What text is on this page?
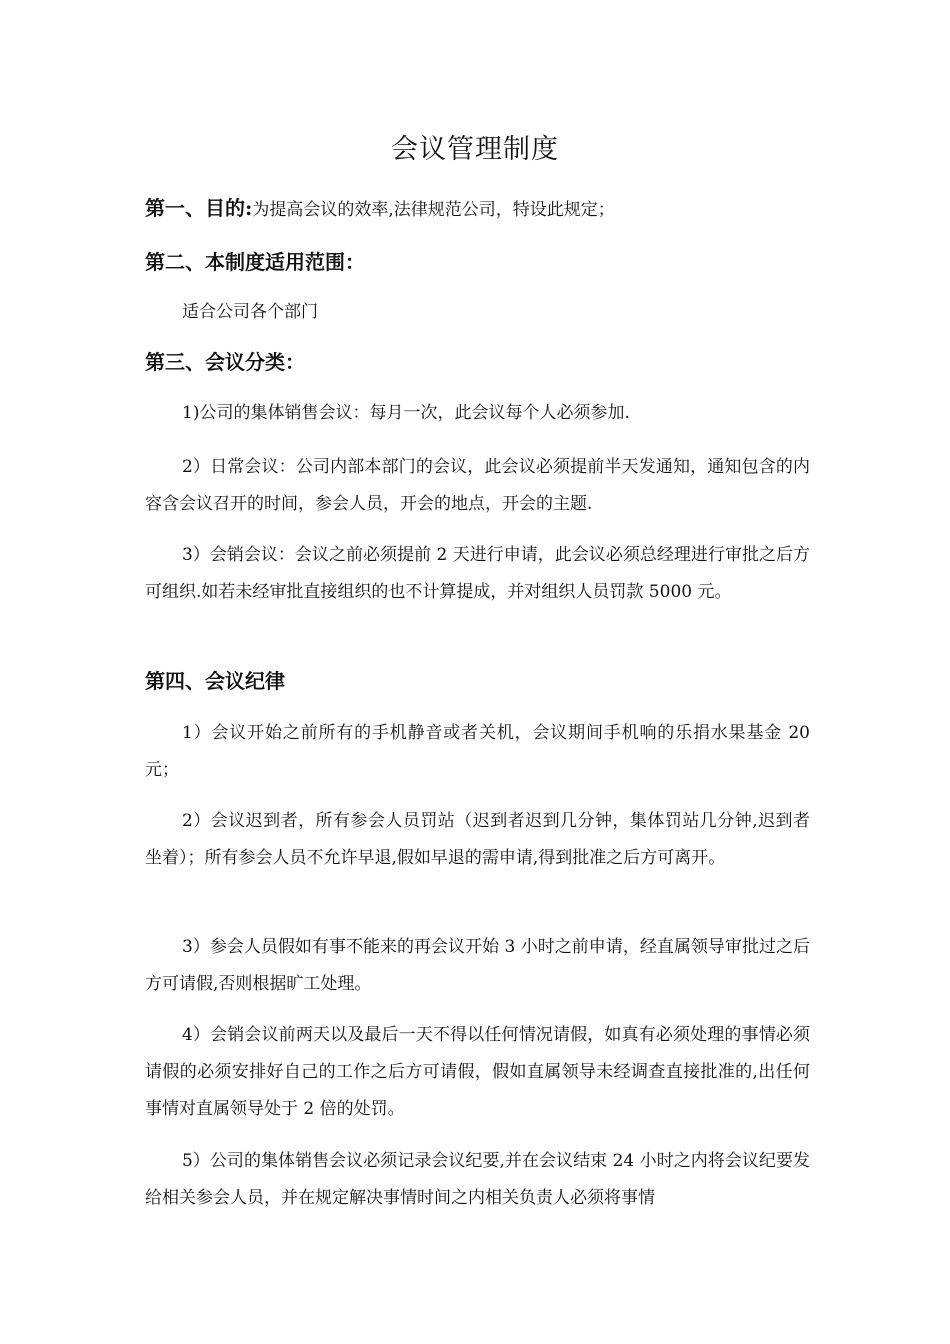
会议管理制度
第一、目的:为提高会议的效率,法律规范公司，特设此规定；
第二、本制度适用范围：
适合公司各个部门
第三、会议分类：
1)公司的集体销售会议：每月一次，此会议每个人必须参加.
2）日常会议：公司内部本部门的会议，此会议必须提前半天发通知，通知包含的内容含会议召开的时间，参会人员，开会的地点，开会的主题.
3）会销会议：会议之前必须提前 2 天进行申请，此会议必须总经理进行审批之后方可组织.如若未经审批直接组织的也不计算提成，并对组织人员罚款 5000 元。
第四、会议纪律
1）会议开始之前所有的手机静音或者关机，会议期间手机响的乐捐水果基金 20 元；
2）会议迟到者，所有参会人员罚站（迟到者迟到几分钟，集体罚站几分钟,迟到者坐着）；所有参会人员不允许早退,假如早退的需申请,得到批准之后方可离开。
3）参会人员假如有事不能来的再会议开始 3 小时之前申请，经直属领导审批过之后方可请假,否则根据旷工处理。
4）会销会议前两天以及最后一天不得以任何情况请假，如真有必须处理的事情必须请假的必须安排好自己的工作之后方可请假，假如直属领导未经调查直接批准的,出任何事情对直属领导处于 2 倍的处罚。
5）公司的集体销售会议必须记录会议纪要,并在会议结束 24 小时之内将会议纪要发给相关参会人员，并在规定解决事情时间之内相关负责人必须将事情
